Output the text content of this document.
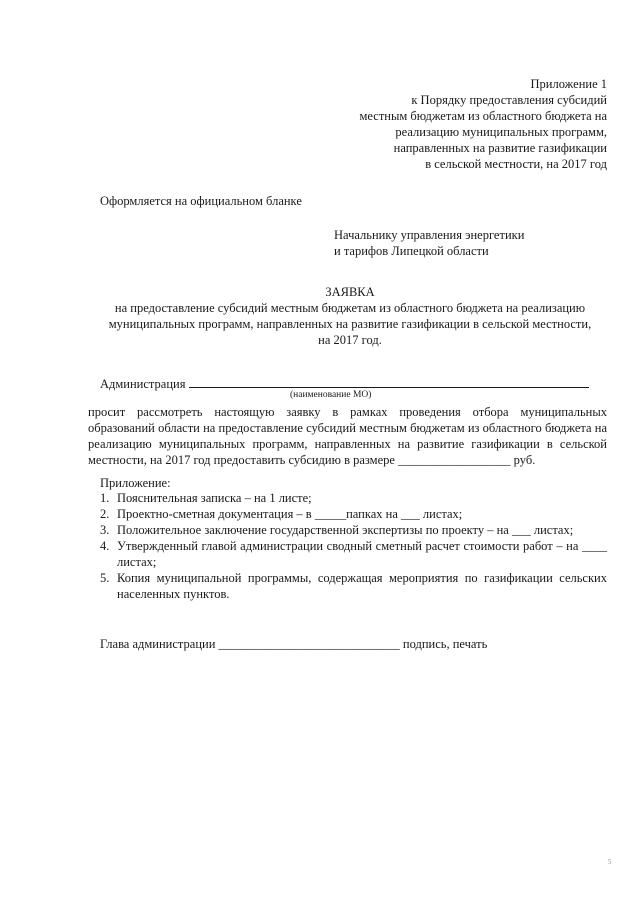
Приложение 1
к Порядку предоставления субсидий
местным бюджетам из областного бюджета на
реализацию муниципальных программ,
направленных на развитие газификации
в сельской местности, на 2017 год
Оформляется на официальном бланке
Начальнику управления энергетики
и тарифов Липецкой области
ЗАЯВКА
на предоставление субсидий местным бюджетам из областного бюджета на реализацию
муниципальных программ, направленных на развитие газификации в сельской местности,
на 2017 год.
Администрация
(наименование МО)
просит рассмотреть настоящую заявку в рамках проведения отбора муниципальных образований области на предоставление субсидий местным бюджетам из областного бюджета на реализацию муниципальных программ, направленных на развитие газификации в сельской местности, на 2017 год предоставить субсидию в размере __________________ руб.
Приложение:
1. Пояснительная записка – на 1 листе;
2. Проектно-сметная документация – в _____папках на ___ листах;
3. Положительное заключение государственной экспертизы по проекту – на ___ листах;
4. Утвержденный главой администрации сводный сметный расчет стоимости работ – на ____ листах;
5. Копия муниципальной программы, содержащая мероприятия по газификации сельских населенных пунктов.
Глава администрации _____________________________ подпись, печать
5
